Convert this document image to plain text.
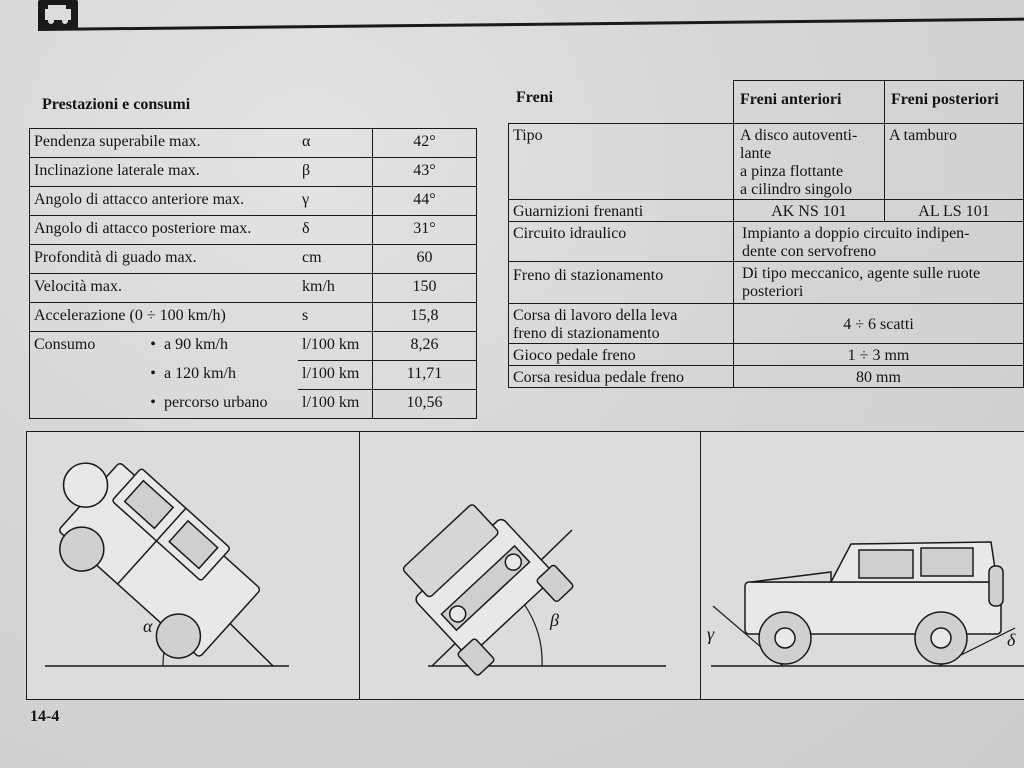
Prestazioni e consumi
Pendenza superabile max.	α	42°
Inclinazione laterale max.	β	43°
Angolo di attacco anteriore max.	γ	44°
Angolo di attacco posteriore max.	δ	31°
Profondità di guado max.	cm	60
Velocità max.	km/h	150
Accelerazione (0 ÷ 100 km/h)	s	15,8
Consumo • a 90 km/h	l/100 km	8,26
• a 120 km/h	l/100 km	11,71
• percorso urbano	l/100 km	10,56
Freni
		Freni anteriori	Freni posteriori
Tipo	A disco autoventi-
lante
a pinza flottante
a cilindro singolo	A tamburo
Guarnizioni frenanti	AK NS 101	AL LS 101
Circuito idraulico	Impianto a doppio circuito indipen-
dente con servofreno	

Freno di stazionamento	Di tipo meccanico, agente sulle ruote
posteriori	

Corsa di lavoro della leva
freno di stazionamento	4 ÷ 6 scatti	
Gioco pedale freno	1 ÷ 3 mm	
Corsa residua pedale freno	80 mm	
α	β
γ	δ
14-4
